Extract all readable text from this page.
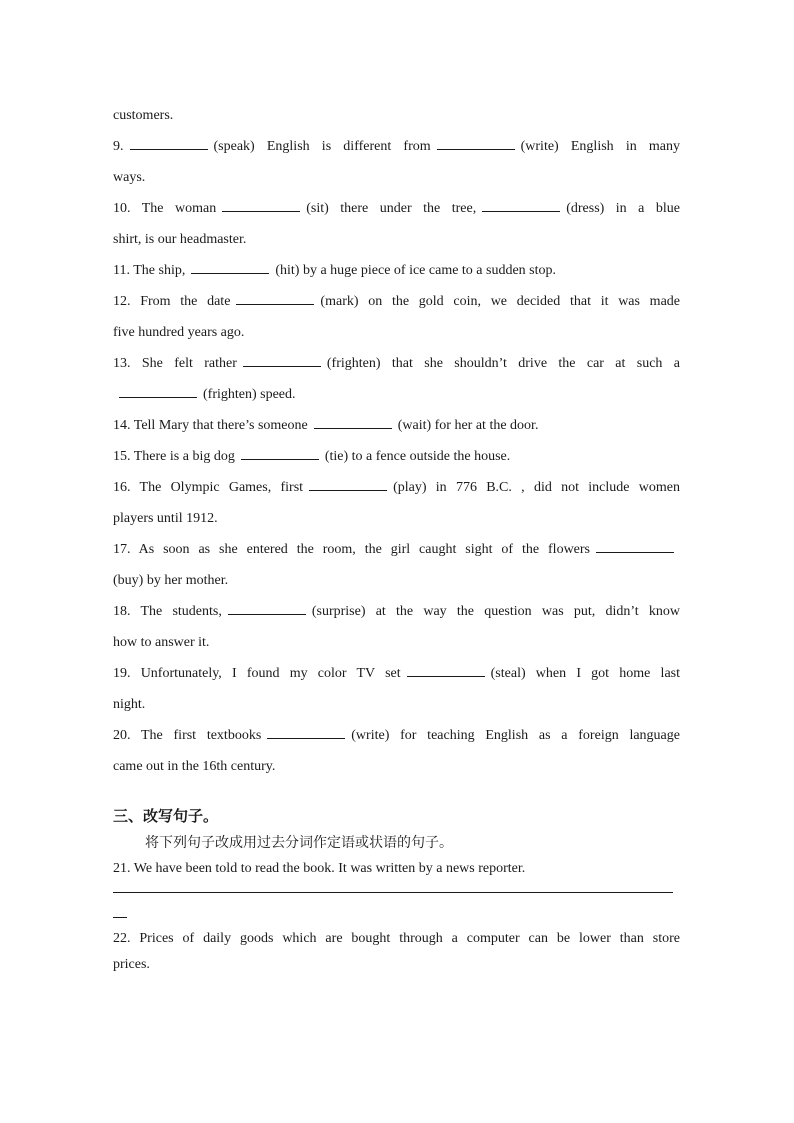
customers.
9.	(speak) English is different from	(write) English in many
ways.
10. The woman	(sit) there under the tree,	(dress) in a blue
shirt, is our headmaster.
11. The ship,	(hit) by a huge piece of ice came to a sudden stop.
12. From the date	(mark) on the gold coin, we decided that it was made
five hundred years ago.
13. She felt rather	(frighten) that she shouldn’t drive the car at such a
(frighten) speed.
14. Tell Mary that there’s someone	(wait) for her at the door.
15. There is a big dog	(tie) to a fence outside the house.
16. The Olympic Games, first	(play) in 776 B.C. , did not include women
players until 1912.
17. As soon as she entered the room, the girl caught sight of the flowers
(buy) by her mother.
18. The students,	(surprise) at the way the question was put, didn’t know
how to answer it.
19. Unfortunately, I found my color TV set	(steal) when I got home last
night.
20. The first textbooks	(write) for teaching English as a foreign language
came out in the 16th century.
三、改写句子。
将下列句子改成用过去分词作定语或状语的句子。
21. We have been told to read the book. It was written by a news reporter.
22. Prices of daily goods which are bought through a computer can be lower than store
prices.
